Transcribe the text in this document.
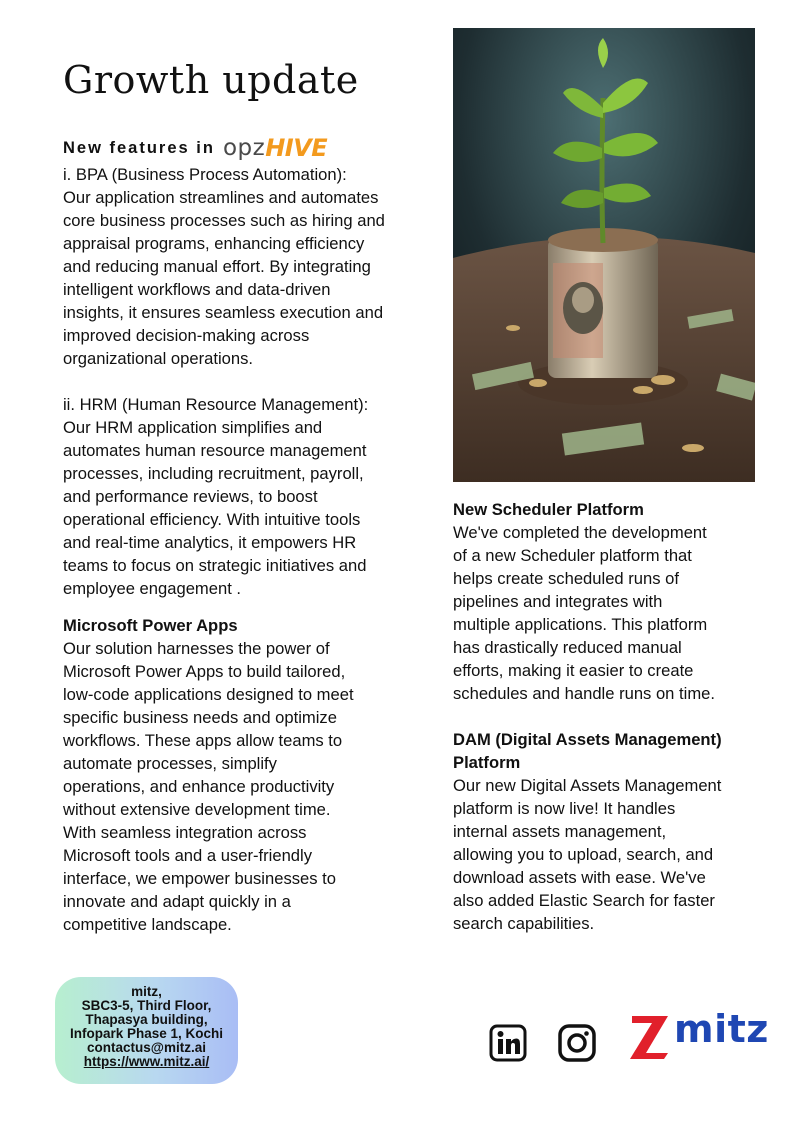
Growth update
New features in opz HIVE
i. BPA (Business Process Automation):
Our application streamlines and automates
core business processes such as hiring and
appraisal programs, enhancing efficiency
and reducing manual effort. By integrating
intelligent workflows and data-driven
insights, it ensures seamless execution and
improved decision-making across
organizational operations.
ii. HRM (Human Resource Management):
Our HRM application simplifies and
automates human resource management
processes, including recruitment, payroll,
and performance reviews, to boost
operational efficiency. With intuitive tools
and real-time analytics, it empowers HR
teams to focus on strategic initiatives and
employee engagement .
Microsoft Power Apps
Our solution harnesses the power of
Microsoft Power Apps to build tailored,
low-code applications designed to meet
specific business needs and optimize
workflows. These apps allow teams to
automate processes, simplify
operations, and enhance productivity
without extensive development time.
With seamless integration across
Microsoft tools and a user-friendly
interface, we empower businesses to
innovate and adapt quickly in a
competitive landscape.
New Scheduler Platform
We've completed the development
of a new Scheduler platform that
helps create scheduled runs of
pipelines and integrates with
multiple applications. This platform
has drastically reduced manual
efforts, making it easier to create
schedules and handle runs on time.
DAM (Digital Assets Management)
Platform
Our new Digital Assets Management
platform is now live! It handles
internal assets management,
allowing you to upload, search, and
download assets with ease. We've
also added Elastic Search for faster
search capabilities.
mitz,
SBC3-5, Third Floor,
Thapasya building,
Infopark Phase 1, Kochi
contactus@mitz.ai
https://www.mitz.ai/
mitz
